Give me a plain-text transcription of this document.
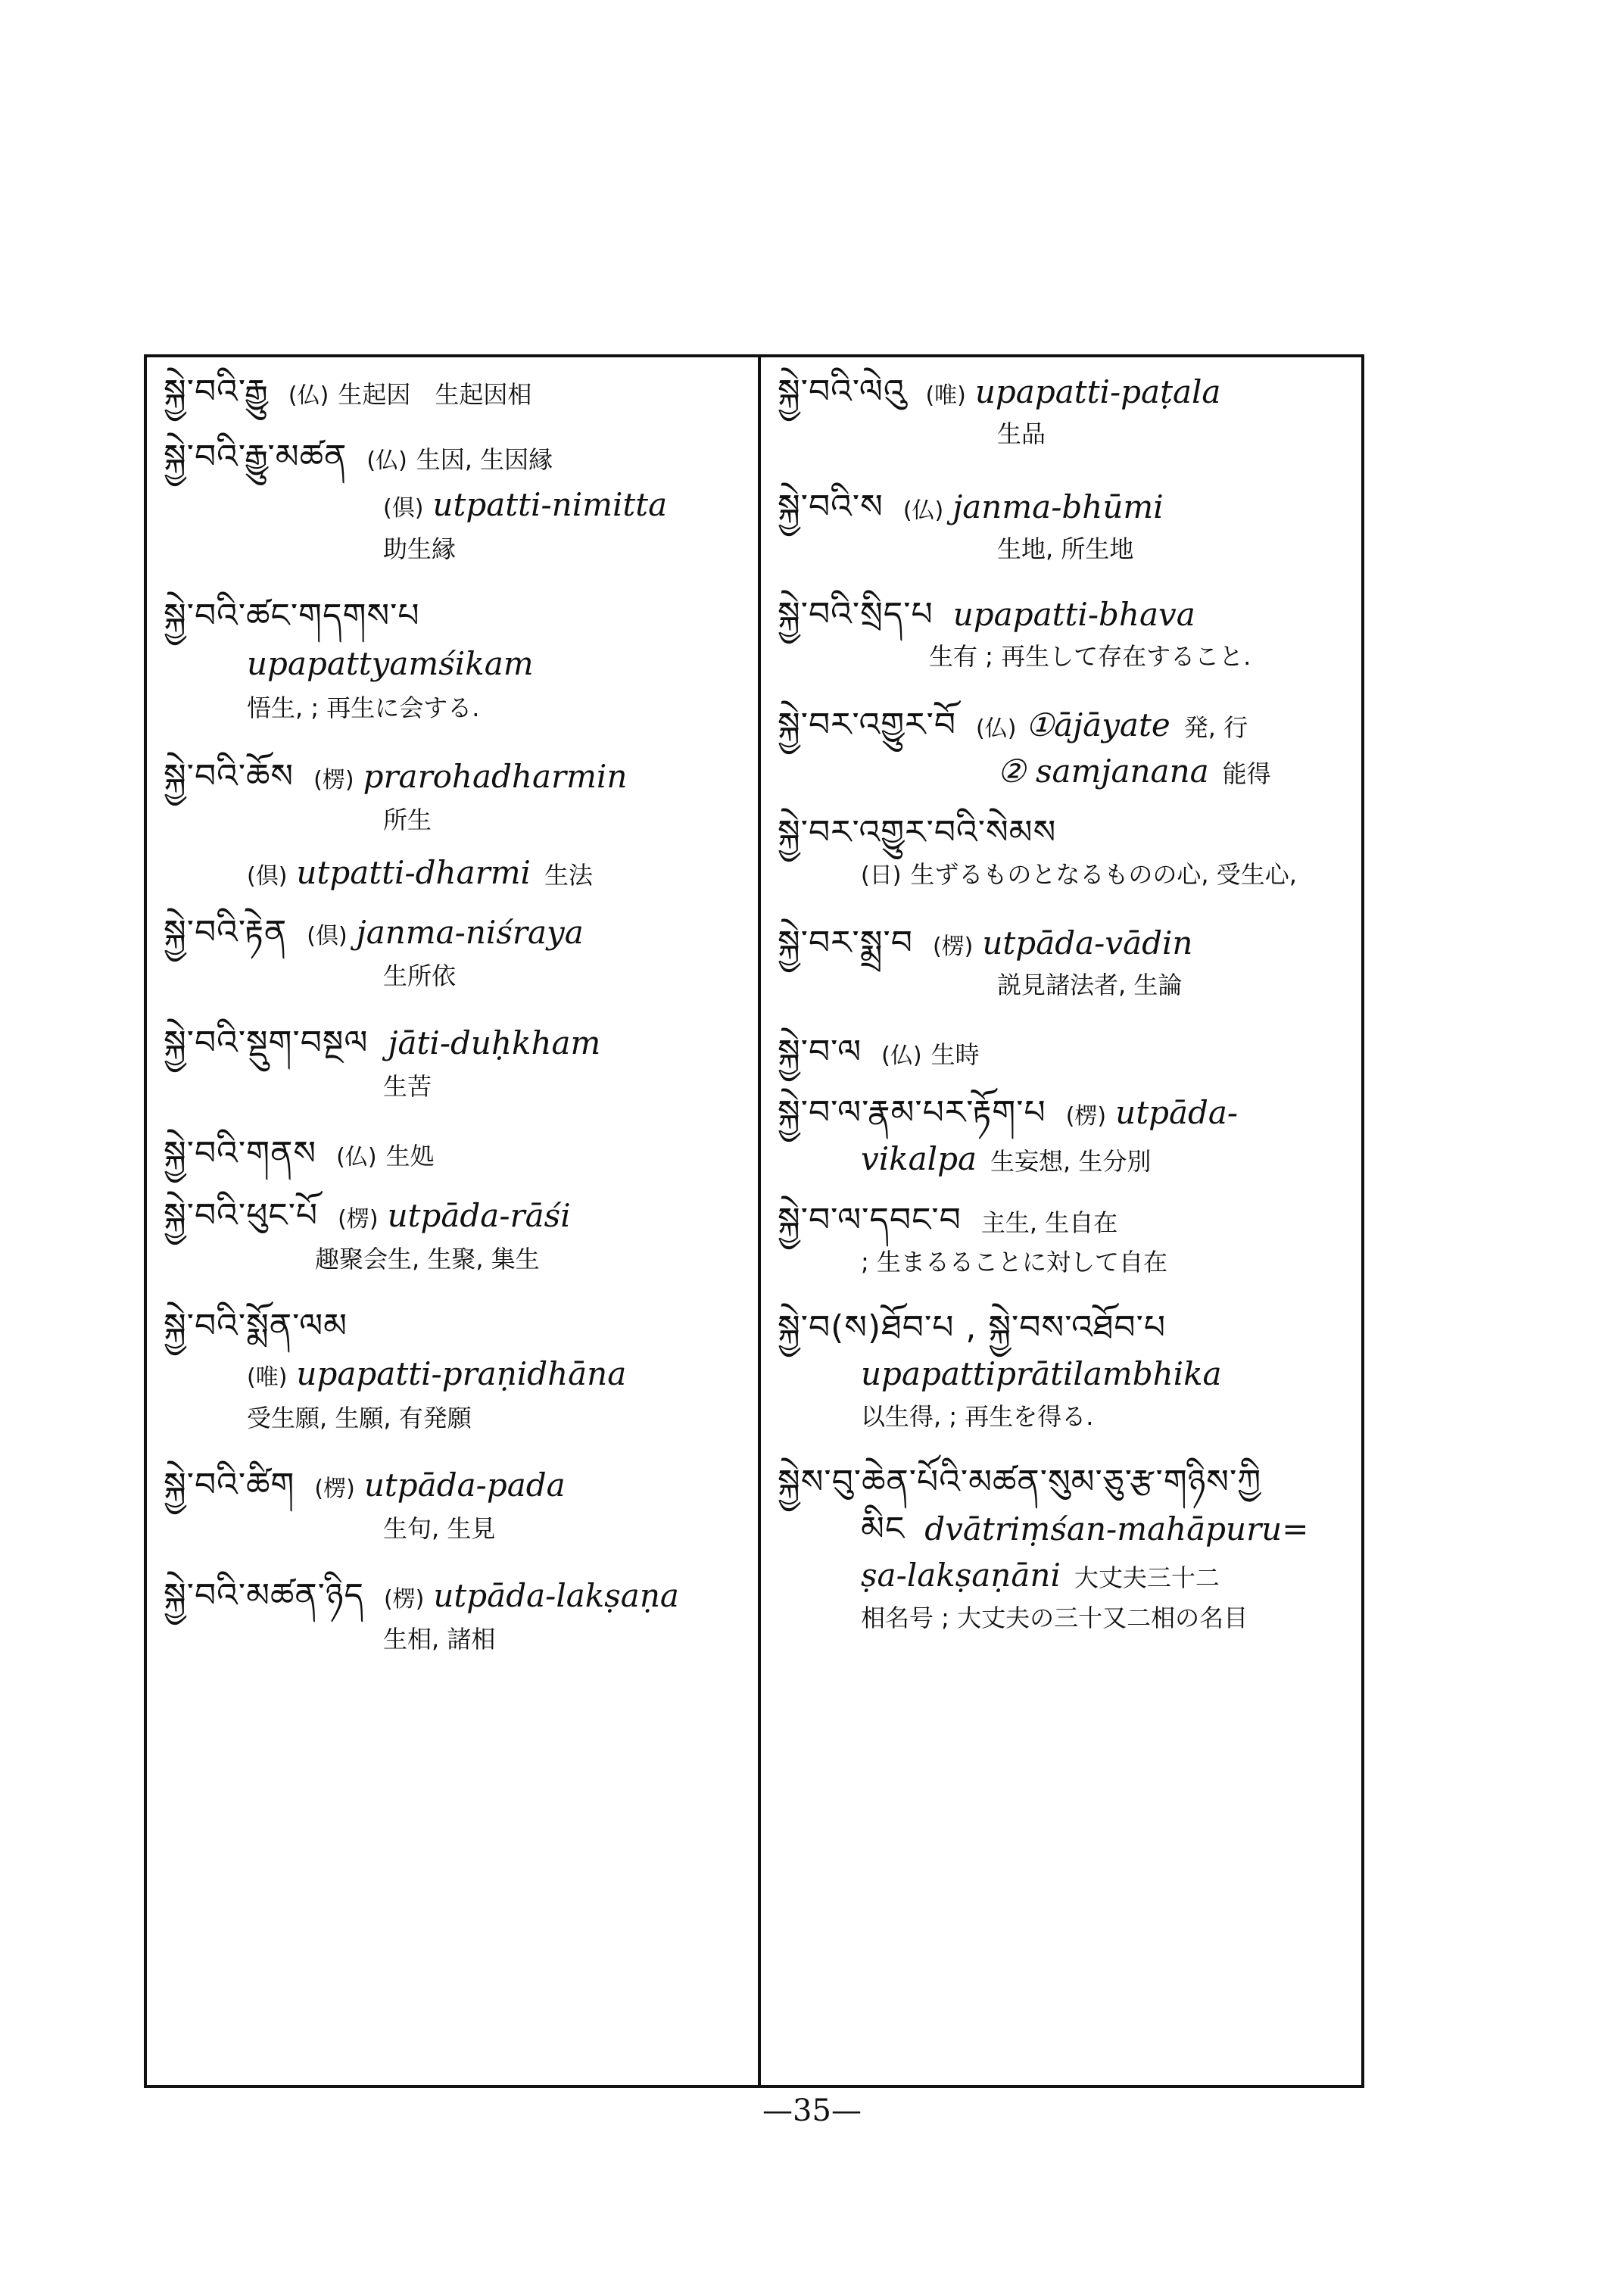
སྐྱེ་བའི་རྒྱུ (仏) 生起因　生起因相
སྐྱེ་བའི་རྒྱུ་མཚན (仏) 生因, 生因縁
(倶) utpatti-nimitta
助生縁
སྐྱེ་བའི་ཚང་གདགས་པ
upapattyamśikam
悟生, ; 再生に会する.
སྐྱེ་བའི་ཆོས (楞) prarohadharmin
所生
(倶) utpatti-dharmi 生法
སྐྱེ་བའི་རྟེན (倶) janma-niśraya
生所依
སྐྱེ་བའི་སྡུག་བསྔལ jāti-duḥkham
生苦
སྐྱེ་བའི་གནས (仏) 生処
སྐྱེ་བའི་ཕུང་པོ (楞) utpāda-rāśi
趣聚会生, 生聚, 集生
སྐྱེ་བའི་སྨོན་ལམ
(唯) upapatti-praṇidhāna
受生願, 生願, 有発願
སྐྱེ་བའི་ཚིག (楞) utpāda-pada
生句, 生見
སྐྱེ་བའི་མཚན་ཉིད (楞) utpāda-lakṣaṇa
生相, 諸相
སྐྱེ་བའི་ལེའུ (唯) upapatti-paṭala
生品
སྐྱེ་བའི་ས (仏) janma-bhūmi
生地, 所生地
སྐྱེ་བའི་སྲིད་པ upapatti-bhava
生有 ; 再生して存在すること.
སྐྱེ་བར་འགྱུར་བོ (仏) ①ājāyate 発, 行
② samjanana 能得
སྐྱེ་བར་འགྱུར་བའི་སེམས
(日) 生ずるものとなるものの心, 受生心,
སྐྱེ་བར་སྨྲ་བ (楞) utpāda-vādin
説見諸法者, 生論
སྐྱེ་བ་ལ (仏) 生時
སྐྱེ་བ་ལ་རྣམ་པར་རྟོག་པ (楞) utpāda-
vikalpa 生妄想, 生分別
སྐྱེ་བ་ལ་དབང་བ 主生, 生自在
; 生まるることに対して自在
སྐྱེ་བ(ས)ཐོབ་པ , སྐྱེ་བས་འཐོབ་པ
upapattiprātilambhika
以生得, ; 再生を得る.
སྐྱེས་བུ་ཆེན་པོའི་མཚན་སུམ་ཅུ་རྩ་གཉིས་ཀྱི
མིང dvātriṃśan-mahāpuru=
ṣa-lakṣaṇāni 大丈夫三十二
相名号 ; 大丈夫の三十又二相の名目
—35—
